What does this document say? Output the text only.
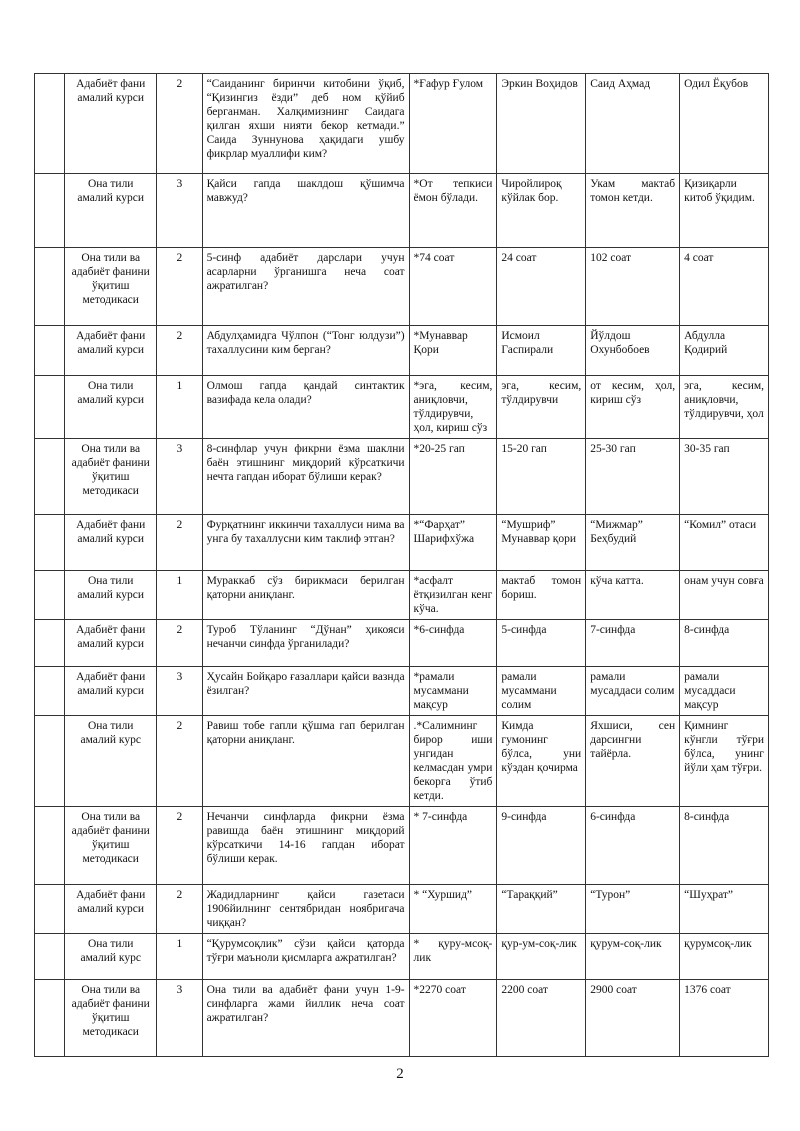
	Адабиёт фани амалий курси	2	“Саиданинг биринчи китобини ўқиб, “Қизингиз ёзди” деб ном қўйиб берганман. Халқимизнинг Саидага қилган яхши нияти бекор кетмади.” Саида Зуннунова ҳақидаги ушбу фикрлар муаллифи ким?	*Ғафур Ғулом	Эркин Воҳидов	Саид Аҳмад	Одил Ёқубов
	Она тили амалий курси	3	Қайси гапда шаклдош қўшимча мавжуд?	*От тепкиси ёмон бўлади.	Чиройлироқ кўйлак бор.	Укам мактаб томон кетди.	Қизиқарли китоб ўқидим.
	Она тили ва адабиёт фанини ўқитиш методикаси	2	5-синф адабиёт дарслари учун асарларни ўрганишга неча соат ажратилган?	*74 соат	24 соат	102 соат	4 соат
	Адабиёт фани амалий курси	2	Абдулҳамидга Чўлпон (“Тонг юлдузи”) тахаллусини ким берган?	*Мунаввар Қори	Исмоил Гаспирали	Йўлдош Охунбобоев	Абдулла Қодирий
	Она тили амалий курси	1	Олмош гапда қандай синтактик вазифада кела олади?	*эга, кесим, аниқловчи, тўлдирувчи, ҳол, кириш сўз	эга, кесим, тўлдирувчи	от кесим, ҳол, кириш сўз	эга, кесим, аниқловчи, тўлдирувчи, ҳол
	Она тили ва адабиёт фанини ўқитиш методикаси	3	8-синфлар учун фикрни ёзма шаклни баён этишнинг миқдорий кўрсаткичи нечта гапдан иборат бўлиши керак?	*20-25 гап	15-20 гап	25-30 гап	30-35 гап
	Адабиёт фани амалий курси	2	Фурқатнинг иккинчи тахаллуси нима ва унга бу тахаллусни ким таклиф этган?	*“Фарҳат” Шарифхўжа	“Мушриф” Мунаввар қори	“Мижмар” Беҳбудий	“Комил” отаси
	Она тили амалий курси	1	Мураккаб сўз бирикмаси берилган қаторни аниқланг.	*асфалт ётқизилган кенг кўча.	мактаб томон бориш.	кўча катта.	онам учун совға
	Адабиёт фани амалий курси	2	Туроб Тўланинг “Дўнан” ҳикояси нечанчи синфда ўрганилади?	*6-синфда	5-синфда	7-синфда	8-синфда
	Адабиёт фани амалий курси	3	Ҳусайн Бойқаро ғазаллари қайси вазнда ёзилган?	*рамали мусаммани мақсур	рамали мусаммани солим	рамали мусаддаси солим	рамали мусаддаси мақсур
	Она тили амалий курс	2	Равиш тобе гапли қўшма гап берилган қаторни аниқланг.	.*Салимнинг бирор иши унгидан келмасдан умри бекорга ўтиб кетди.	Кимда гумонинг бўлса, уни кўздан қочирма	Яхшиси, сен дарсингни тайёрла.	Қимнинг кўнгли тўғри бўлса, унинг йўли ҳам тўғри.
	Она тили ва адабиёт фанини ўқитиш методикаси	2	Нечанчи синфларда фикрни ёзма равишда баён этишнинг миқдорий кўрсаткичи 14-16 гапдан иборат бўлиши керак.	* 7-синфда	9-синфда	6-синфда	8-синфда
	Адабиёт фани амалий курси	2	Жадидларнинг қайси газетаси 1906йилнинг сентябридан ноябригача чиққан?	* “Хуршид”	“Тараққий”	“Турон”	“Шуҳрат”
	Она тили амалий курс	1	“Қурумсоқлик” сўзи қайси қаторда тўғри маъноли қисмларга ажратилган?	* қуру-мсоқ-лик	қур-ум-соқ-лик	қурум-соқ-лик	қурумсоқ-лик
	Она тили ва адабиёт фанини ўқитиш методикаси	3	Она тили ва адабиёт фани учун 1-9-синфларга жами йиллик неча соат ажратилган?	*2270 соат	2200 соат	2900 соат	1376 соат
2
